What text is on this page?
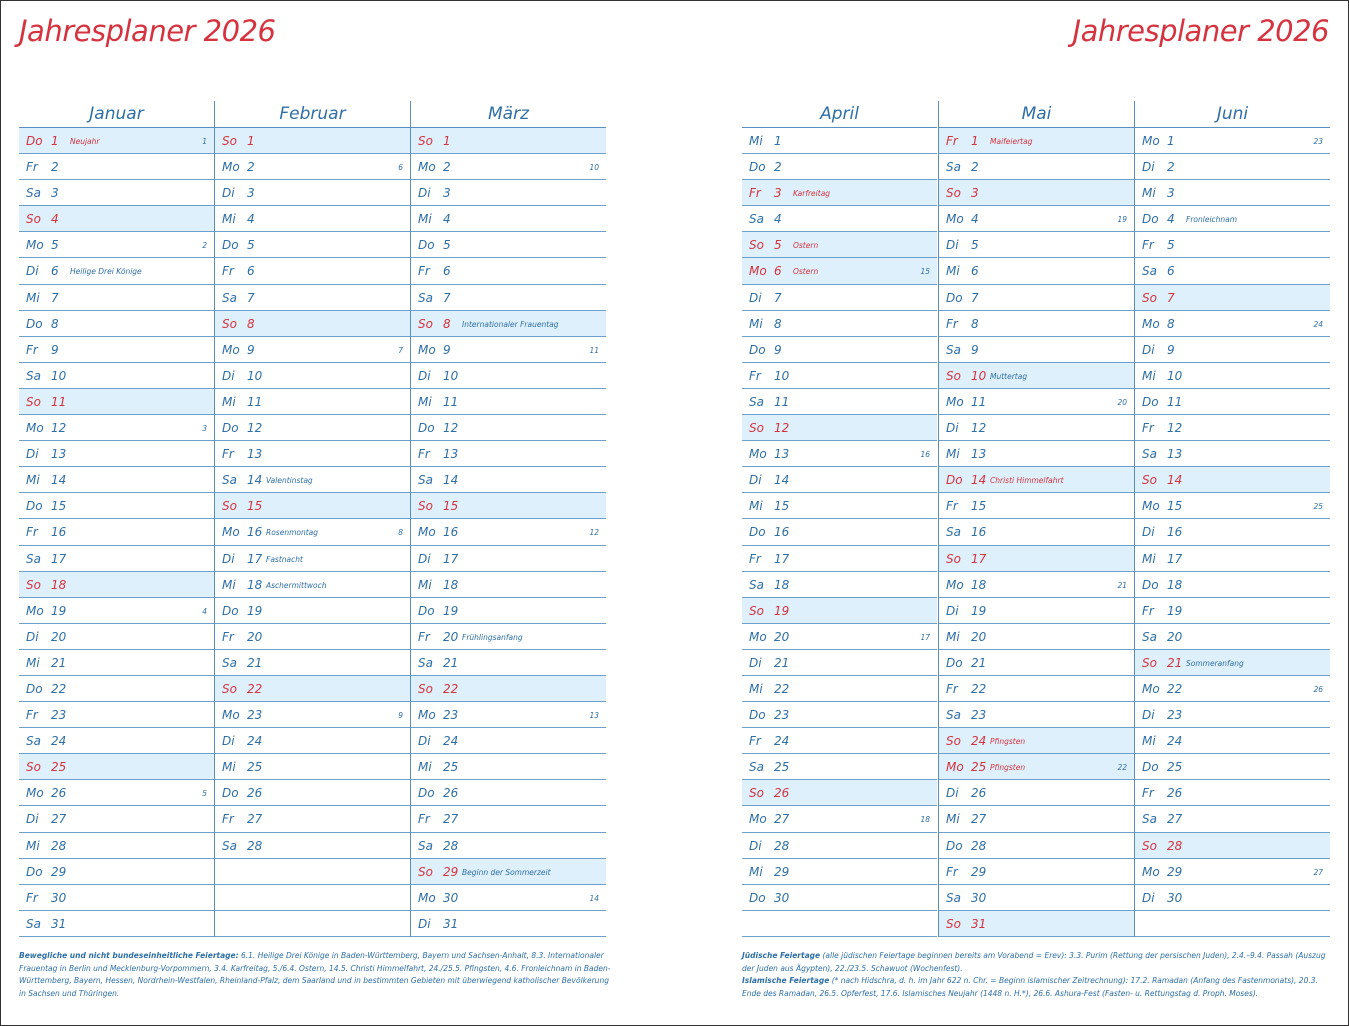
Jahresplaner 2026	Jahresplaner 2026
Januar
Do 1 Neujahr	1
Fr 2
Sa 3
So 4
Mo 5	2
Di 6 Heilige Drei Könige
Mi 7
Do 8
Fr 9
Sa 10
So 11
Mo 12	3
Di 13
Mi 14
Do 15
Fr 16
Sa 17
So 18
Mo 19	4
Di 20
Mi 21
Do 22
Fr 23
Sa 24
So 25
Mo 26	5
Di 27
Mi 28
Do 29
Fr 30
Sa 31
Februar
So 1
Mo 2	6
Di 3
Mi 4
Do 5
Fr 6
Sa 7
So 8
Mo 9	7
Di 10
Mi 11
Do 12
Fr 13
Sa 14 Valentinstag
So 15
Mo 16 Rosenmontag	8
Di 17 Fastnacht
Mi 18 Aschermittwoch
Do 19
Fr 20
Sa 21
So 22
Mo 23	9
Di 24
Mi 25
Do 26
Fr 27
Sa 28
März
So 1
Mo 2	10
Di 3
Mi 4
Do 5
Fr 6
Sa 7
So 8 Internationaler Frauentag
Mo 9	11
Di 10
Mi 11
Do 12
Fr 13
Sa 14
So 15
Mo 16	12
Di 17
Mi 18
Do 19
Fr 20 Frühlingsanfang
Sa 21
So 22
Mo 23	13
Di 24
Mi 25
Do 26
Fr 27
Sa 28
So 29 Beginn der Sommerzeit
Mo 30	14
Di 31
April
Mi 1
Do 2
Fr 3 Karfreitag
Sa 4
So 5 Ostern
Mo 6 Ostern	15
Di 7
Mi 8
Do 9
Fr 10
Sa 11
So 12
Mo 13	16
Di 14
Mi 15
Do 16
Fr 17
Sa 18
So 19
Mo 20	17
Di 21
Mi 22
Do 23
Fr 24
Sa 25
So 26
Mo 27	18
Di 28
Mi 29
Do 30
Mai
Fr 1 Maifeiertag
Sa 2
So 3
Mo 4	19
Di 5
Mi 6
Do 7
Fr 8
Sa 9
So 10 Muttertag
Mo 11	20
Di 12
Mi 13
Do 14 Christi Himmelfahrt
Fr 15
Sa 16
So 17
Mo 18	21
Di 19
Mi 20
Do 21
Fr 22
Sa 23
So 24 Pfingsten
Mo 25 Pfingsten	22
Di 26
Mi 27
Do 28
Fr 29
Sa 30
So 31
Juni
Mo 1	23
Di 2
Mi 3
Do 4 Fronleichnam
Fr 5
Sa 6
So 7
Mo 8	24
Di 9
Mi 10
Do 11
Fr 12
Sa 13
So 14
Mo 15	25
Di 16
Mi 17
Do 18
Fr 19
Sa 20
So 21 Sommeranfang
Mo 22	26
Di 23
Mi 24
Do 25
Fr 26
Sa 27
So 28
Mo 29	27
Di 30
Bewegliche und nicht bundeseinheitliche Feiertage: 6.1. Heilige Drei Könige in Baden-Württemberg, Bayern und Sachsen-Anhalt, 8.3. Internationaler Frauentag in Berlin und Mecklenburg-Vorpommern, 3.4. Karfreitag, 5./6.4. Ostern, 14.5. Christi Himmelfahrt, 24./25.5. Pfingsten, 4.6. Fronleichnam in Baden-Württemberg, Bayern, Hessen, Nordrhein-Westfalen, Rheinland-Pfalz, dem Saarland und in bestimmten Gebieten mit überwiegend katholischer Bevölkerung in Sachsen und Thüringen.
Jüdische Feiertage (alle jüdischen Feiertage beginnen bereits am Vorabend = Erev): 3.3. Purim (Rettung der persischen Juden), 2.4.–9.4. Passah (Auszug der Juden aus Ägypten), 22./23.5. Schawuot (Wochenfest).
Islamische Feiertage (* nach Hidschra, d. h. im Jahr 622 n. Chr. = Beginn islamischer Zeitrechnung): 17.2. Ramadan (Anfang des Fastenmonats), 20.3. Ende des Ramadan, 26.5. Opferfest, 17.6. Islamisches Neujahr (1448 n. H.*), 26.6. Ashura-Fest (Fasten- u. Rettungstag d. Proph. Moses).
